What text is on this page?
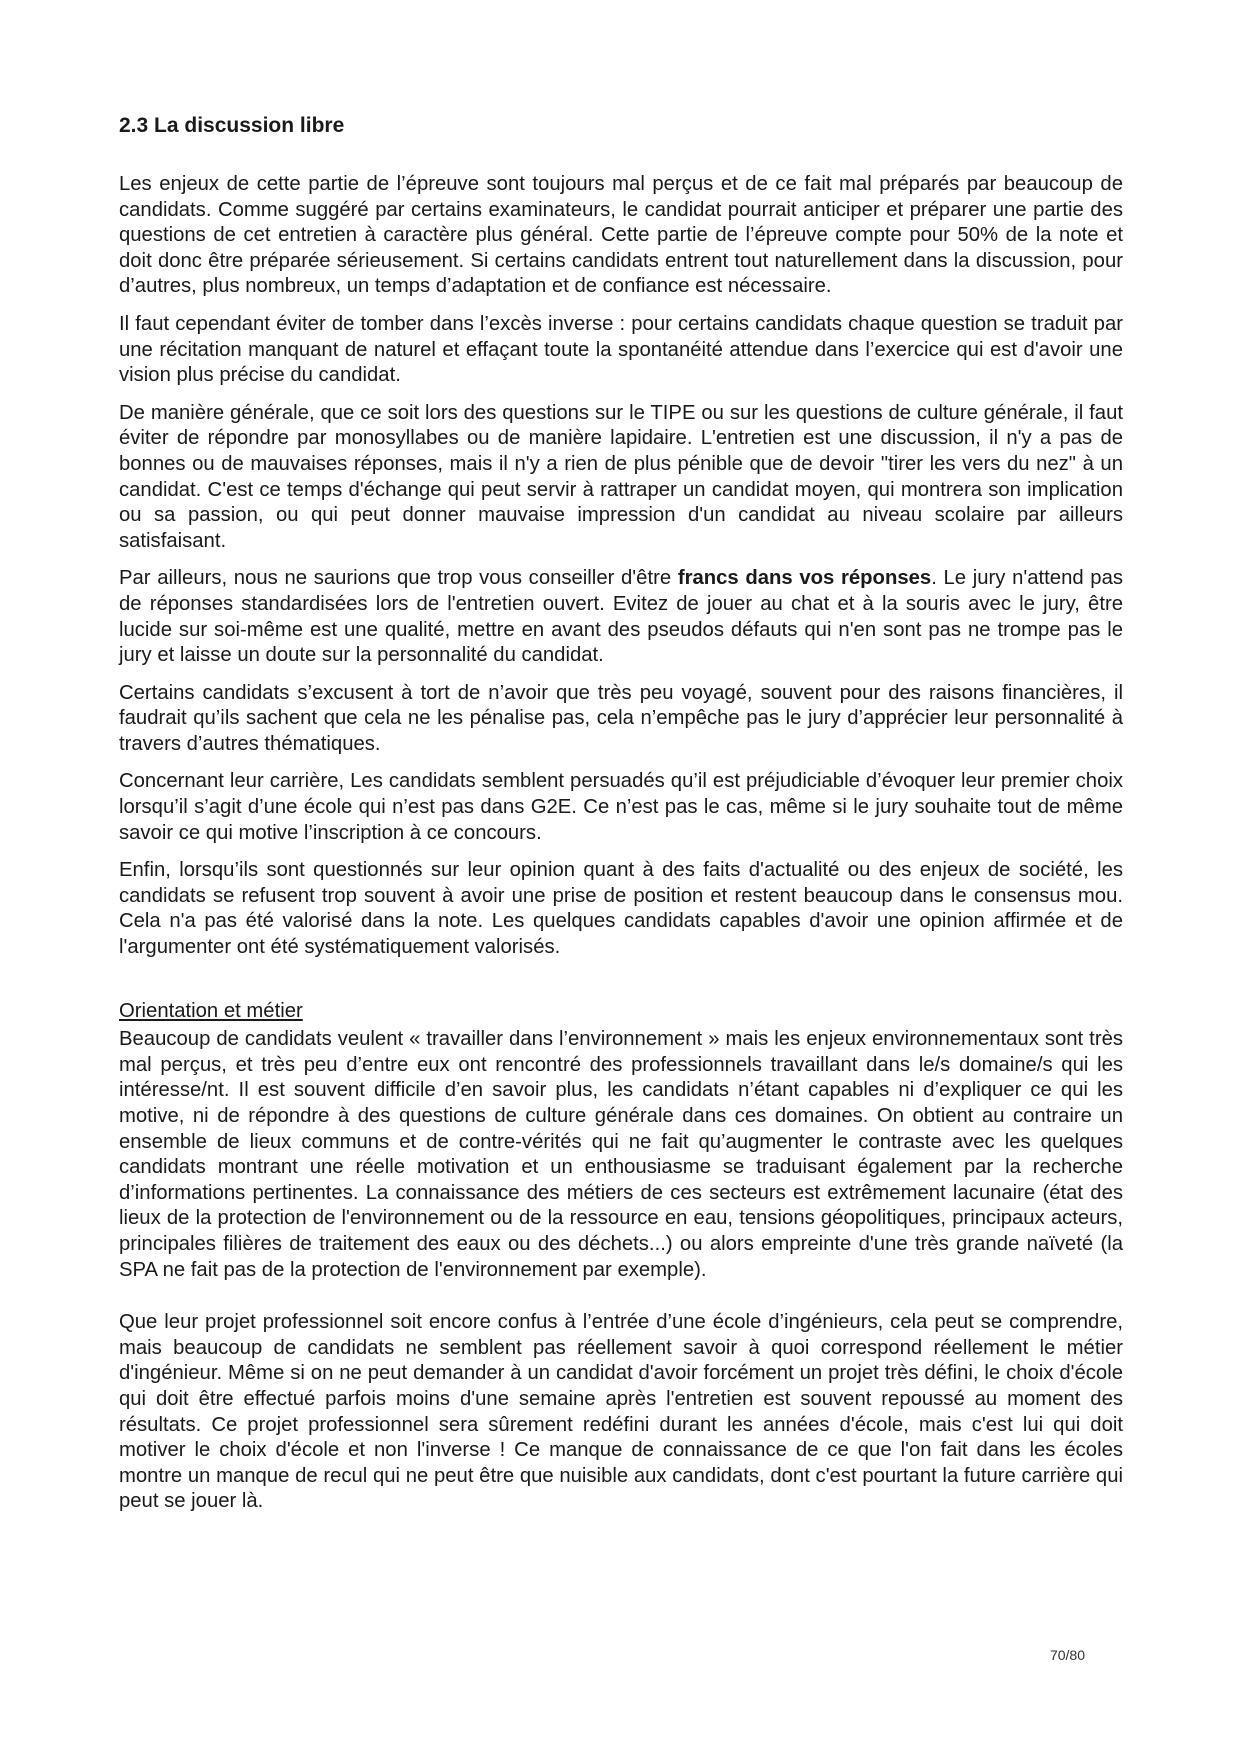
2.3 La discussion libre

Les enjeux de cette partie de l’épreuve sont toujours mal perçus et de ce fait mal préparés par beaucoup de candidats. Comme suggéré par certains examinateurs, le candidat pourrait anticiper et préparer une partie des questions de cet entretien à caractère plus général. Cette partie de l’épreuve compte pour 50% de la note et doit donc être préparée sérieusement. Si certains candidats entrent tout naturellement dans la discussion, pour d’autres, plus nombreux, un temps d’adaptation et de confiance est nécessaire.

Il faut cependant éviter de tomber dans l’excès inverse : pour certains candidats chaque question se traduit par une récitation manquant de naturel et effaçant toute la spontanéité attendue dans l’exercice qui est d'avoir une vision plus précise du candidat.

De manière générale, que ce soit lors des questions sur le TIPE ou sur les questions de culture générale, il faut éviter de répondre par monosyllabes ou de manière lapidaire. L'entretien est une discussion, il n'y a pas de bonnes ou de mauvaises réponses, mais il n'y a rien de plus pénible que de devoir "tirer les vers du nez" à un candidat. C'est ce temps d'échange qui peut servir à rattraper un candidat moyen, qui montrera son implication ou sa passion, ou qui peut donner mauvaise impression d'un candidat au niveau scolaire par ailleurs satisfaisant.

Par ailleurs, nous ne saurions que trop vous conseiller d'être francs dans vos réponses. Le jury n'attend pas de réponses standardisées lors de l'entretien ouvert. Evitez de jouer au chat et à la souris avec le jury, être lucide sur soi-même est une qualité, mettre en avant des pseudos défauts qui n'en sont pas ne trompe pas le jury et laisse un doute sur la personnalité du candidat.

Certains candidats s’excusent à tort de n’avoir que très peu voyagé, souvent pour des raisons financières, il faudrait qu’ils sachent que cela ne les pénalise pas, cela n’empêche pas le jury d’apprécier leur personnalité à travers d’autres thématiques.

Concernant leur carrière, Les candidats semblent persuadés qu’il est préjudiciable d’évoquer leur premier choix lorsqu’il s’agit d’une école qui n’est pas dans G2E. Ce n’est pas le cas, même si le jury souhaite tout de même savoir ce qui motive l’inscription à ce concours.

Enfin, lorsqu’ils sont questionnés sur leur opinion quant à des faits d'actualité ou des enjeux de société, les candidats se refusent trop souvent à avoir une prise de position et restent beaucoup dans le consensus mou. Cela n'a pas été valorisé dans la note. Les quelques candidats capables d'avoir une opinion affirmée et de l'argumenter ont été systématiquement valorisés.

Orientation et métier

Beaucoup de candidats veulent « travailler dans l’environnement » mais les enjeux environnementaux sont très mal perçus, et très peu d’entre eux ont rencontré des professionnels travaillant dans le/s domaine/s qui les intéresse/nt. Il est souvent difficile d’en savoir plus, les candidats n’étant capables ni d’expliquer ce qui les motive, ni de répondre à des questions de culture générale dans ces domaines. On obtient au contraire un ensemble de lieux communs et de contre-vérités qui ne fait qu’augmenter le contraste avec les quelques candidats montrant une réelle motivation et un enthousiasme se traduisant également par la recherche d’informations pertinentes. La connaissance des métiers de ces secteurs est extrêmement lacunaire (état des lieux de la protection de l'environnement ou de la ressource en eau, tensions géopolitiques, principaux acteurs, principales filières de traitement des eaux ou des déchets...) ou alors empreinte d'une très grande naïveté (la SPA ne fait pas de la protection de l'environnement par exemple).

Que leur projet professionnel soit encore confus à l’entrée d’une école d’ingénieurs, cela peut se comprendre, mais beaucoup de candidats ne semblent pas réellement savoir à quoi correspond réellement le métier d'ingénieur. Même si on ne peut demander à un candidat d'avoir forcément un projet très défini, le choix d'école qui doit être effectué parfois moins d'une semaine après l'entretien est souvent repoussé au moment des résultats. Ce projet professionnel sera sûrement redéfini durant les années d'école, mais c'est lui qui doit motiver le choix d'école et non l'inverse ! Ce manque de connaissance de ce que l'on fait dans les écoles montre un manque de recul qui ne peut être que nuisible aux candidats, dont c'est pourtant la future carrière qui peut se jouer là.

70/80
